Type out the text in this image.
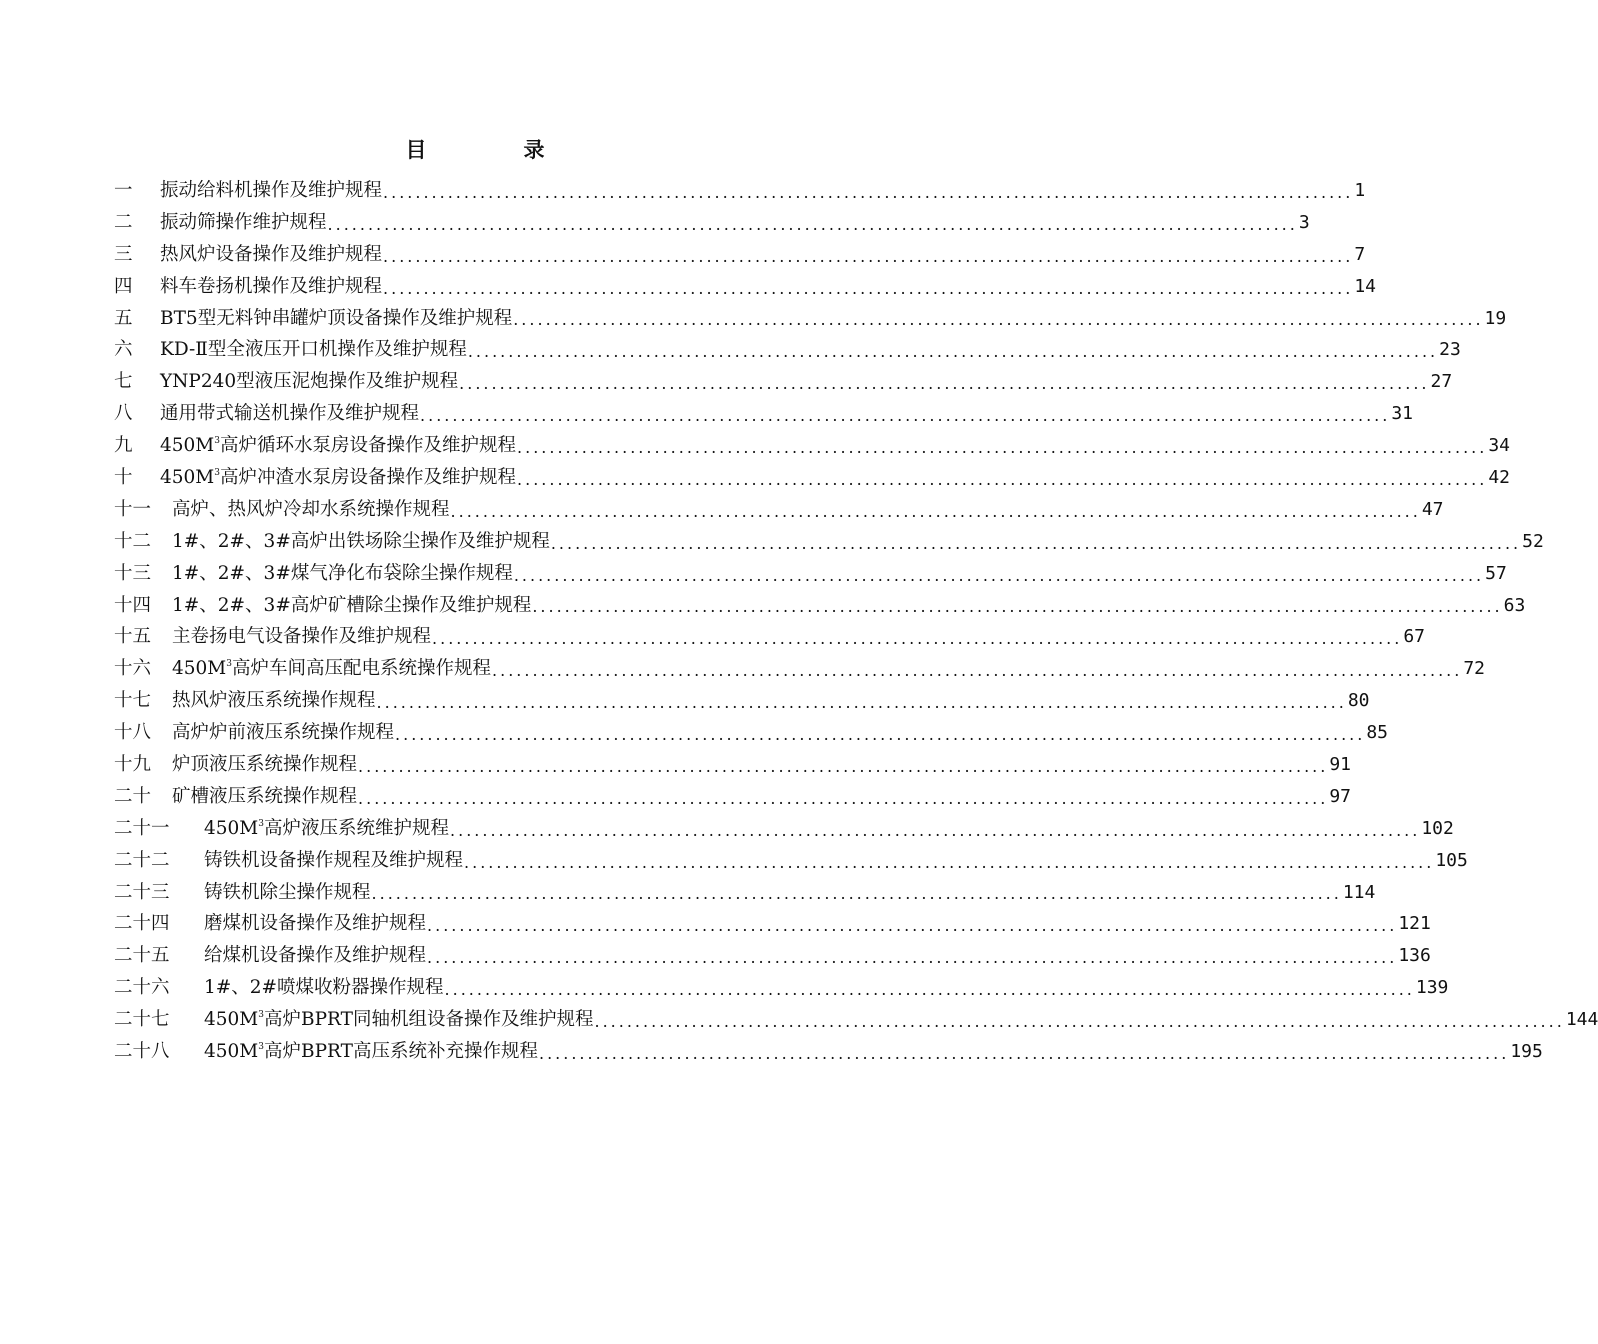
目　录
一	振动给料机操作及维护规程 ........................................................................................................................ 1
二	振动筛操作维护规程 ........................................................................................................................ 3
三	热风炉设备操作及维护规程 ........................................................................................................................ 7
四	料车卷扬机操作及维护规程 ........................................................................................................................ 14
五	BT5型无料钟串罐炉顶设备操作及维护规程 ........................................................................................................................ 19
六	KD-Ⅱ型全液压开口机操作及维护规程 ........................................................................................................................ 23
七	YNP240型液压泥炮操作及维护规程 ........................................................................................................................ 27
八	通用带式输送机操作及维护规程 ........................................................................................................................ 31
九	$450M^3$高炉循环水泵房设备操作及维护规程 ........................................................................................................................ 34
十	$450M^3$高炉冲渣水泵房设备操作及维护规程 ........................................................................................................................ 42
十一	高炉、热风炉冷却水系统操作规程 ........................................................................................................................ 47
十二	1#、2#、3#高炉出铁场除尘操作及维护规程 ........................................................................................................................ 52
十三	1#、2#、3#煤气净化布袋除尘操作规程 ........................................................................................................................ 57
十四	1#、2#、3#高炉矿槽除尘操作及维护规程 ........................................................................................................................ 63
十五	主卷扬电气设备操作及维护规程 ........................................................................................................................ 67
十六	$450M^3$高炉车间高压配电系统操作规程 ........................................................................................................................ 72
十七	热风炉液压系统操作规程 ........................................................................................................................ 80
十八	高炉炉前液压系统操作规程 ........................................................................................................................ 85
十九	炉顶液压系统操作规程 ........................................................................................................................ 91
二十	矿槽液压系统操作规程 ........................................................................................................................ 97
二十一	$450M^3$高炉液压系统维护规程 ........................................................................................................................ 102
二十二	铸铁机设备操作规程及维护规程 ........................................................................................................................ 105
二十三	铸铁机除尘操作规程 ........................................................................................................................ 114
二十四	磨煤机设备操作及维护规程 ........................................................................................................................ 121
二十五	给煤机设备操作及维护规程 ........................................................................................................................ 136
二十六	1#、2#喷煤收粉器操作规程 ........................................................................................................................ 139
二十七	$450M^3$高炉BPRT同轴机组设备操作及维护规程 ........................................................................................................................ 144
二十八	$450M^3$高炉BPRT高压系统补充操作规程 ........................................................................................................................ 195
